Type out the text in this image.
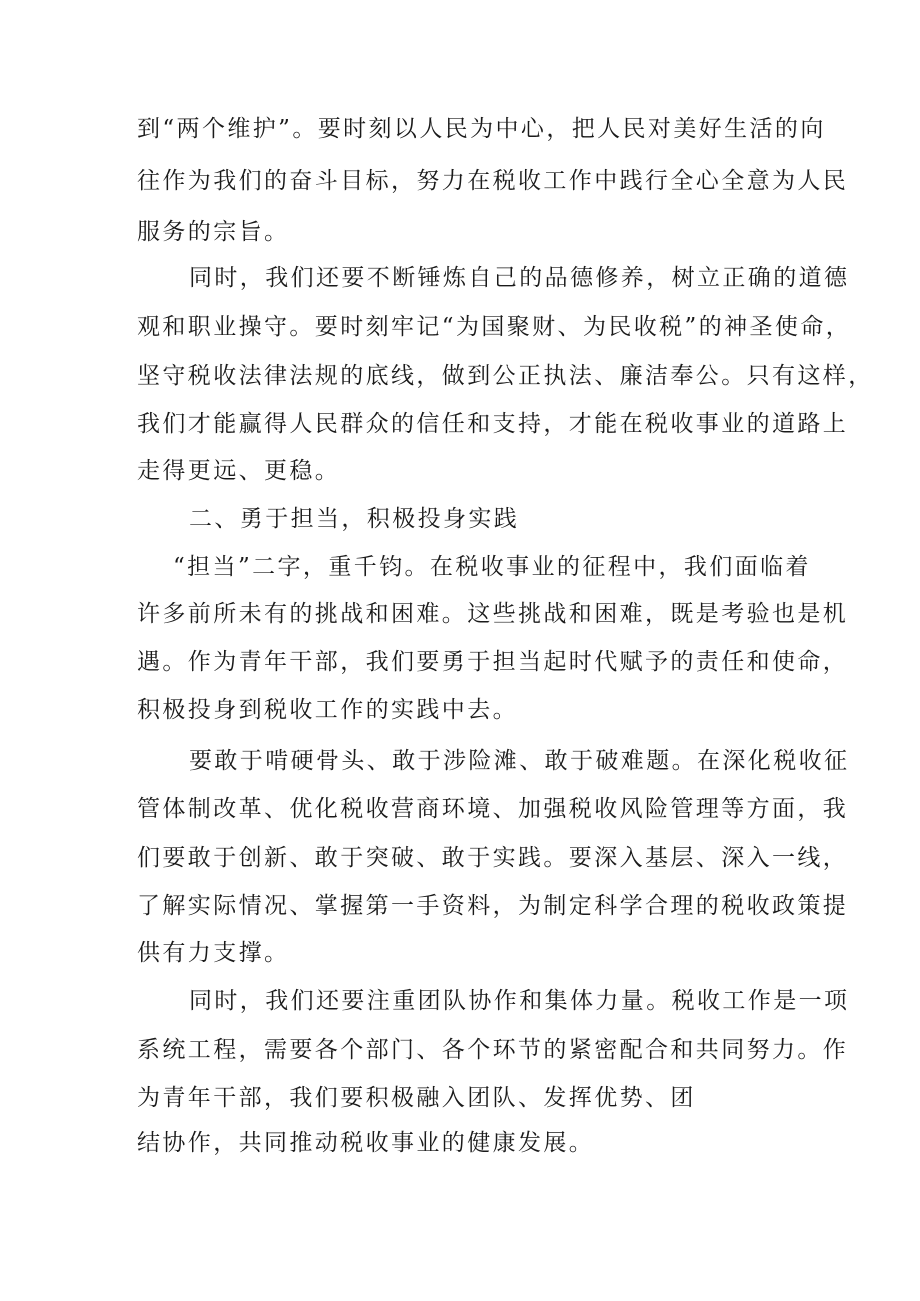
到“两个维护”。要时刻以人民为中心，把人民对美好生活的向
往作为我们的奋斗目标，努力在税收工作中践行全心全意为人民
服务的宗旨。
同时，我们还要不断锤炼自己的品德修养，树立正确的道德
观和职业操守。要时刻牢记“为国聚财、为民收税”的神圣使命，
坚守税收法律法规的底线，做到公正执法、廉洁奉公。只有这样，
我们才能赢得人民群众的信任和支持，才能在税收事业的道路上
走得更远、更稳。
二、勇于担当，积极投身实践
“担当”二字，重千钧。在税收事业的征程中，我们面临着
许多前所未有的挑战和困难。这些挑战和困难，既是考验也是机
遇。作为青年干部，我们要勇于担当起时代赋予的责任和使命，
积极投身到税收工作的实践中去。
要敢于啃硬骨头、敢于涉险滩、敢于破难题。在深化税收征
管体制改革、优化税收营商环境、加强税收风险管理等方面，我
们要敢于创新、敢于突破、敢于实践。要深入基层、深入一线，
了解实际情况、掌握第一手资料，为制定科学合理的税收政策提
供有力支撑。
同时，我们还要注重团队协作和集体力量。税收工作是一项
系统工程，需要各个部门、各个环节的紧密配合和共同努力。作
为青年干部，我们要积极融入团队、发挥优势、团
结协作，共同推动税收事业的健康发展。
